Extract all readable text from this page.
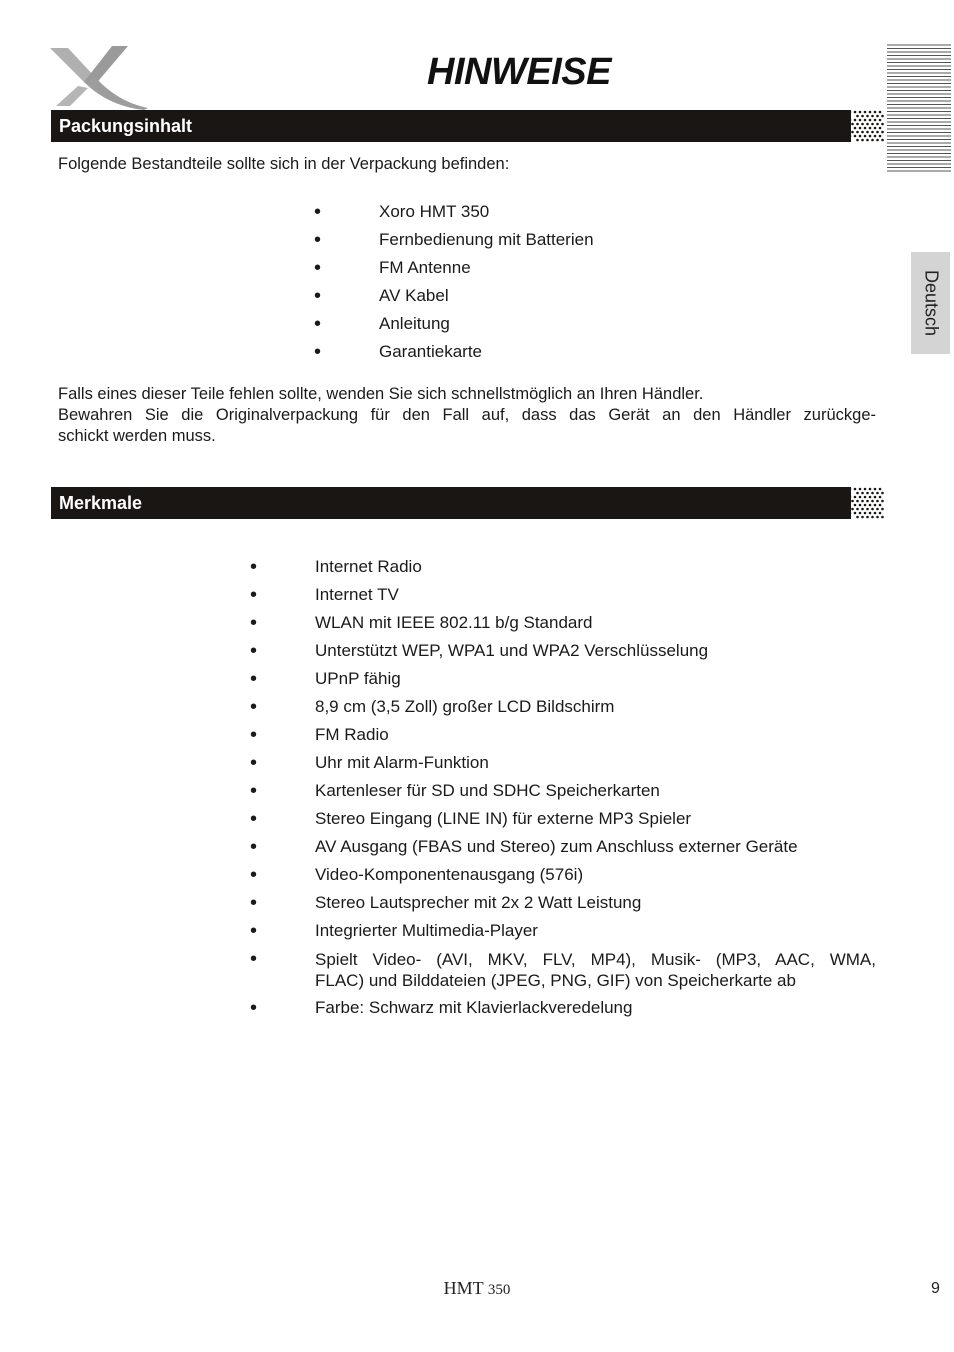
HINWEISE
Deutsch
Packungsinhalt
Folgende Bestandteile sollte sich in der Verpackung befinden:
•	Xoro HMT 350
•	Fernbedienung mit Batterien
•	FM Antenne
•	AV Kabel
•	Anleitung
•	Garantiekarte
Falls eines dieser Teile fehlen sollte, wenden Sie sich schnellstmöglich an Ihren Händler.
Bewahren Sie die Originalverpackung für den Fall auf, dass das Gerät an den Händler zurückge-
schickt werden muss.
Merkmale
•	Internet Radio
•	Internet TV
•	WLAN mit IEEE 802.11 b/g Standard
•	Unterstützt WEP, WPA1 und WPA2 Verschlüsselung
•	UPnP fähig
•	8,9 cm (3,5 Zoll) großer LCD Bildschirm
•	FM Radio
•	Uhr mit Alarm-Funktion
•	Kartenleser für SD und SDHC Speicherkarten
•	Stereo Eingang (LINE IN) für externe MP3 Spieler
•	AV Ausgang (FBAS und Stereo) zum Anschluss externer Geräte
•	Video-Komponentenausgang (576i)
•	Stereo Lautsprecher mit 2x 2 Watt Leistung
•	Integrierter Multimedia-Player
•	Spielt Video- (AVI, MKV, FLV, MP4), Musik- (MP3, AAC, WMA,
FLAC) und Bilddateien (JPEG, PNG, GIF) von Speicherkarte ab
•	Farbe: Schwarz mit Klavierlackveredelung
HMT 350	9
